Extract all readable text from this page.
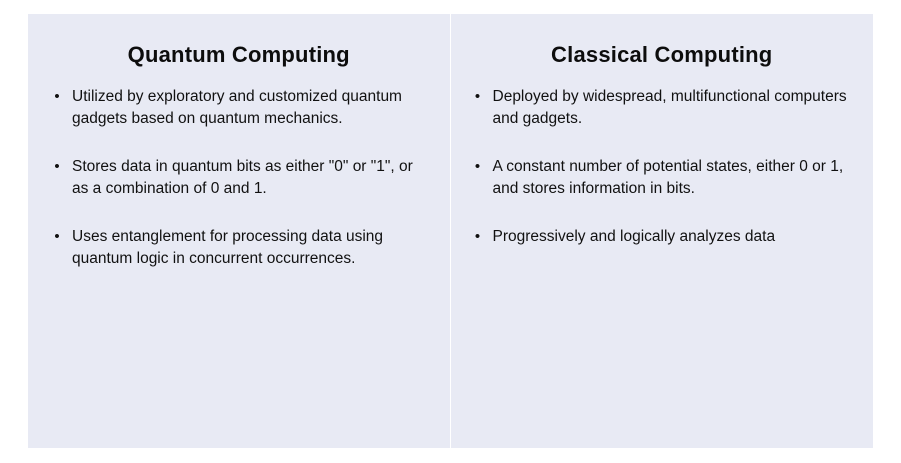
Quantum Computing
• Utilized by exploratory and customized quantum gadgets based on quantum mechanics.
• Stores data in quantum bits as either "0" or "1", or as a combination of 0 and 1.
• Uses entanglement for processing data using quantum logic in concurrent occurrences.
Classical Computing
• Deployed by widespread, multifunctional computers and gadgets.
• A constant number of potential states, either 0 or 1, and stores information in bits.
• Progressively and logically analyzes data
